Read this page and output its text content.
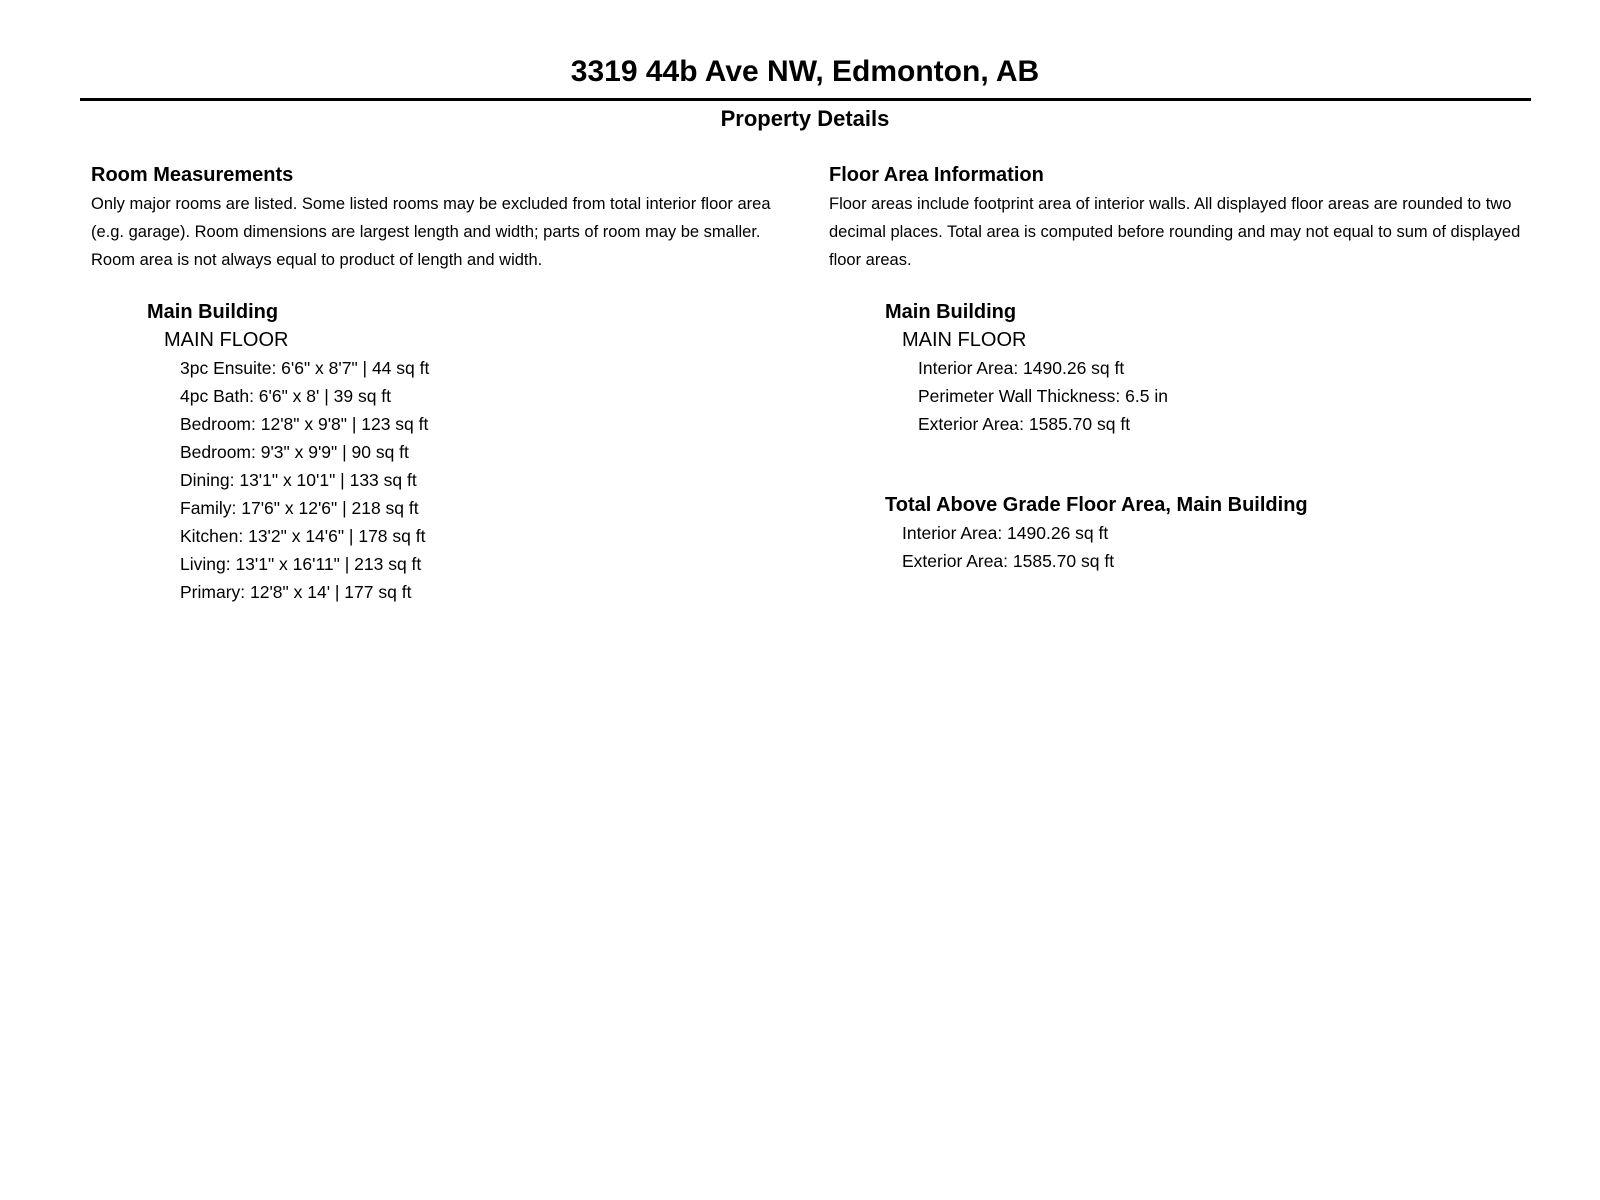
3319 44b Ave NW, Edmonton, AB
Property Details
Room Measurements

Only major rooms are listed. Some listed rooms may be excluded from total interior floor area (e.g. garage). Room dimensions are largest length and width; parts of room may be smaller. Room area is not always equal to product of length and width.

Main Building
MAIN FLOOR
3pc Ensuite: 6'6" x 8'7" | 44 sq ft
4pc Bath: 6'6" x 8' | 39 sq ft
Bedroom: 12'8" x 9'8" | 123 sq ft
Bedroom: 9'3" x 9'9" | 90 sq ft
Dining: 13'1" x 10'1" | 133 sq ft
Family: 17'6" x 12'6" | 218 sq ft
Kitchen: 13'2" x 14'6" | 178 sq ft
Living: 13'1" x 16'11" | 213 sq ft
Primary: 12'8" x 14' | 177 sq ft
Floor Area Information

Floor areas include footprint area of interior walls. All displayed floor areas are rounded to two decimal places. Total area is computed before rounding and may not equal to sum of displayed floor areas.

Main Building
MAIN FLOOR
Interior Area: 1490.26 sq ft
Perimeter Wall Thickness: 6.5 in
Exterior Area: 1585.70 sq ft
Total Above Grade Floor Area, Main Building
Interior Area: 1490.26 sq ft
Exterior Area: 1585.70 sq ft
